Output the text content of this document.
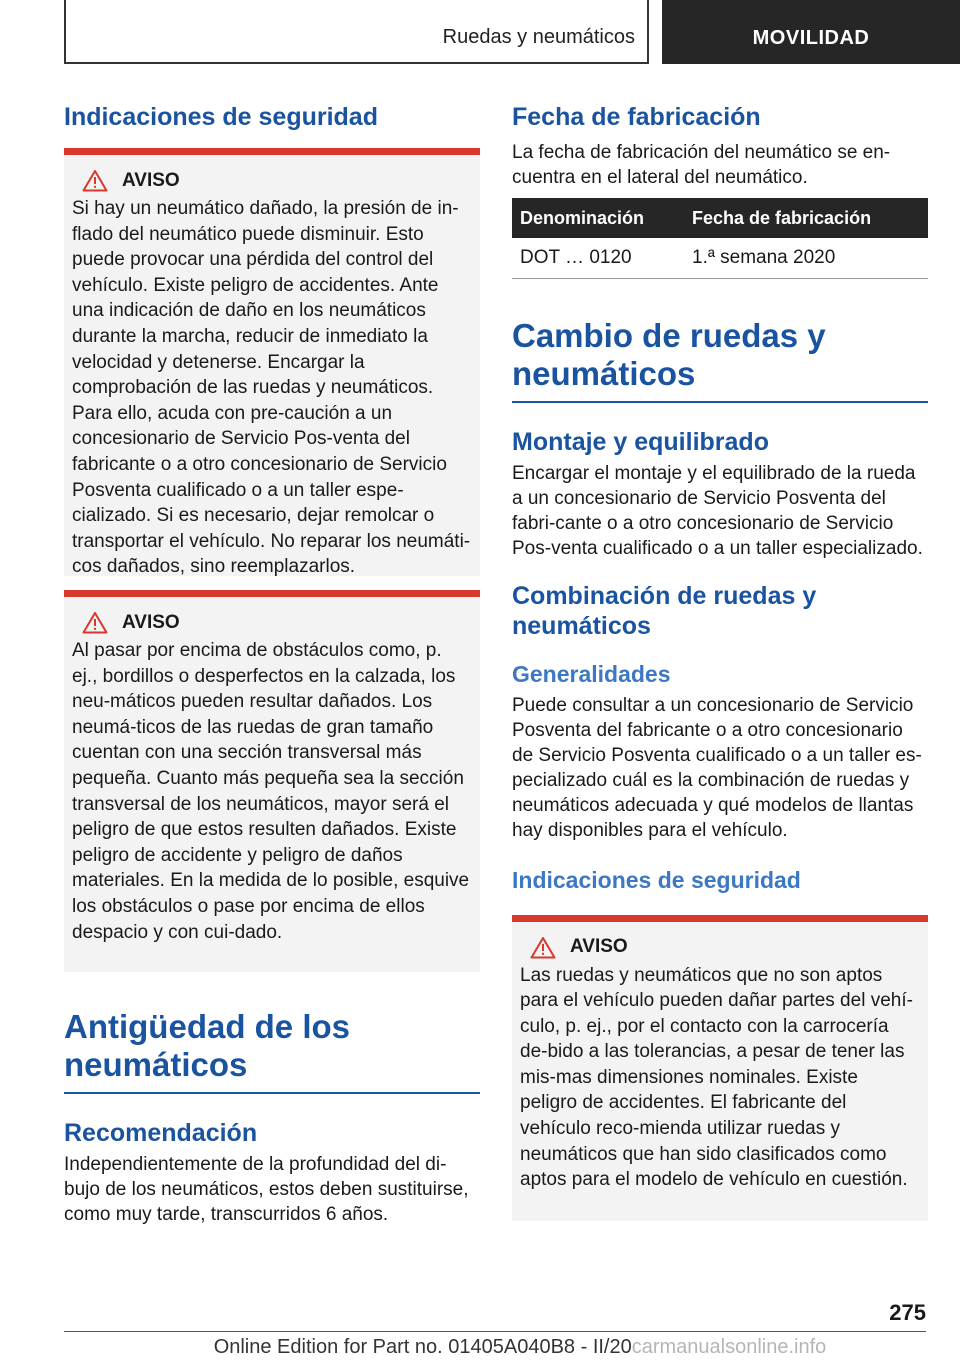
Ruedas y neumáticos	MOVILIDAD
Indicaciones de seguridad
AVISO

Si hay un neumático dañado, la presión de in-flado del neumático puede disminuir. Esto puede provocar una pérdida del control del vehículo. Existe peligro de accidentes. Ante una indicación de daño en los neumáticos durante la marcha, reducir de inmediato la velocidad y detenerse. Encargar la comprobación de las ruedas y neumáticos. Para ello, acuda con pre-caución a un concesionario de Servicio Pos-venta del fabricante o a otro concesionario de Servicio Posventa cualificado o a un taller espe-cializado. Si es necesario, dejar remolcar o transportar el vehículo. No reparar los neumáti-cos dañados, sino reemplazarlos.

AVISO

Al pasar por encima de obstáculos como, p. ej., bordillos o desperfectos en la calzada, los neu-máticos pueden resultar dañados. Los neumá-ticos de las ruedas de gran tamaño cuentan con una sección transversal más pequeña. Cuanto más pequeña sea la sección transversal de los neumáticos, mayor será el peligro de que estos resulten dañados. Existe peligro de accidente y peligro de daños materiales. En la medida de lo posible, esquive los obstáculos o pase por encima de ellos despacio y con cui-dado.

Antigüedad de los neumáticos
Recomendación

Independientemente de la profundidad del di-bujo de los neumáticos, estos deben sustituirse, como muy tarde, transcurridos 6 años.

Fecha de fabricación

La fecha de fabricación del neumático se en-cuentra en el lateral del neumático.

Denominación	Fecha de fabricación
DOT … 0120	1.ª semana 2020
Cambio de ruedas y neumáticos
Montaje y equilibrado

Encargar el montaje y el equilibrado de la rueda a un concesionario de Servicio Posventa del fabri-cante o a otro concesionario de Servicio Pos-venta cualificado o a un taller especializado.

Combinación de ruedas y neumáticos
Generalidades

Puede consultar a un concesionario de Servicio Posventa del fabricante o a otro concesionario de Servicio Posventa cualificado o a un taller es-pecializado cuál es la combinación de ruedas y neumáticos adecuada y qué modelos de llantas hay disponibles para el vehículo.

Indicaciones de seguridad
AVISO

Las ruedas y neumáticos que no son aptos para el vehículo pueden dañar partes del vehí-culo, p. ej., por el contacto con la carrocería de-bido a las tolerancias, a pesar de tener las mis-mas dimensiones nominales. Existe peligro de accidentes. El fabricante del vehículo reco-mienda utilizar ruedas y neumáticos que han sido clasificados como aptos para el modelo de vehículo en cuestión.

275
Online Edition for Part no. 01405A040B8 - II/20carmanualsonline.info
